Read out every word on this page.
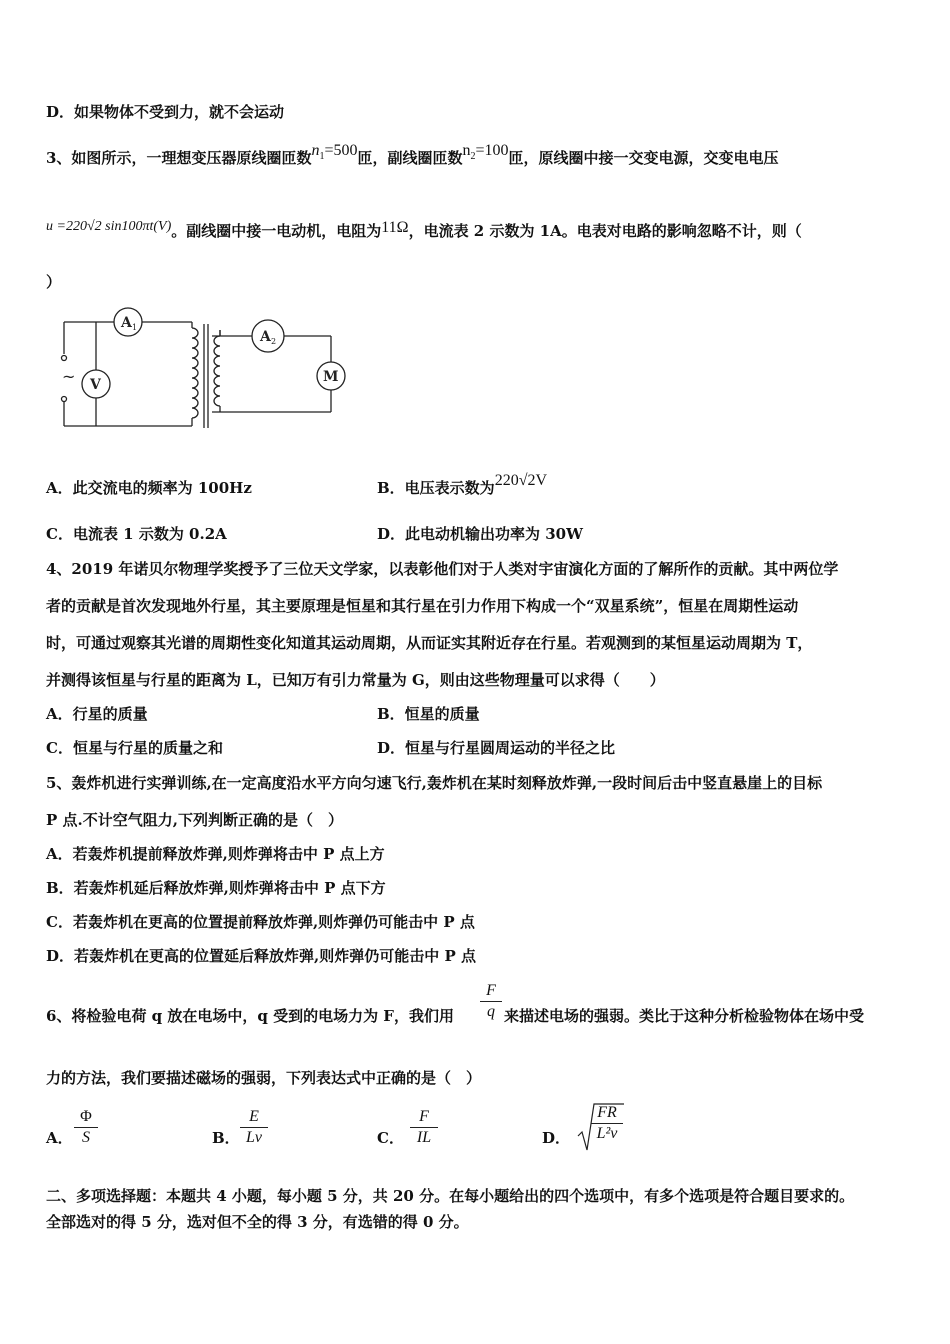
D．如果物体不受到力，就不会运动
3、如图所示，一理想变压器原线圈匝数$n_1=500$匝，副线圈匝数$n_2=100$匝，原线圈中接一交变电源，交变电电压
u =220√2 sin100πt(V)。副线圈中接一电动机，电阻为11Ω，电流表 2 示数为 1A。电表对电路的影响忽略不计，则（
）
~
A 1
V
A 2
M
A．此交流电的频率为 100Hz	B．电压表示数为220√2V
C．电流表 1 示数为 0.2A	D．此电动机输出功率为 30W
4、2019 年诺贝尔物理学奖授予了三位天文学家，以表彰他们对于人类对宇宙演化方面的了解所作的贡献。其中两位学
者的贡献是首次发现地外行星，其主要原理是恒星和其行星在引力作用下构成一个“双星系统”，恒星在周期性运动
时，可通过观察其光谱的周期性变化知道其运动周期，从而证实其附近存在行星。若观测到的某恒星运动周期为 T，
并测得该恒星与行星的距离为 L，已知万有引力常量为 G，则由这些物理量可以求得（　　）
A．行星的质量	B．恒星的质量
C．恒星与行星的质量之和	D．恒星与行星圆周运动的半径之比
5、轰炸机进行实弹训练,在一定高度沿水平方向匀速飞行,轰炸机在某时刻释放炸弹,一段时间后击中竖直悬崖上的目标
P 点.不计空气阻力,下列判断正确的是（　）
A．若轰炸机提前释放炸弹,则炸弹将击中 P 点上方
B．若轰炸机延后释放炸弹,则炸弹将击中 P 点下方
C．若轰炸机在更高的位置提前释放炸弹,则炸弹仍可能击中 P 点
D．若轰炸机在更高的位置延后释放炸弹,则炸弹仍可能击中 P 点
6、将检验电荷 q 放在电场中，q 受到的电场力为 F，我们用
F
q 来描述电场的强弱。类比于这种分析检验物体在场中受
力的方法，我们要描述磁场的强弱，下列表达式中正确的是（　）
A．
Φ
S	B．
E
Lv	C．
F
IL	D．
FR
L²v
二、多项选择题：本题共 4 小题，每小题 5 分，共 20 分。在每小题给出的四个选项中，有多个选项是符合题目要求的。
全部选对的得 5 分，选对但不全的得 3 分，有选错的得 0 分。
